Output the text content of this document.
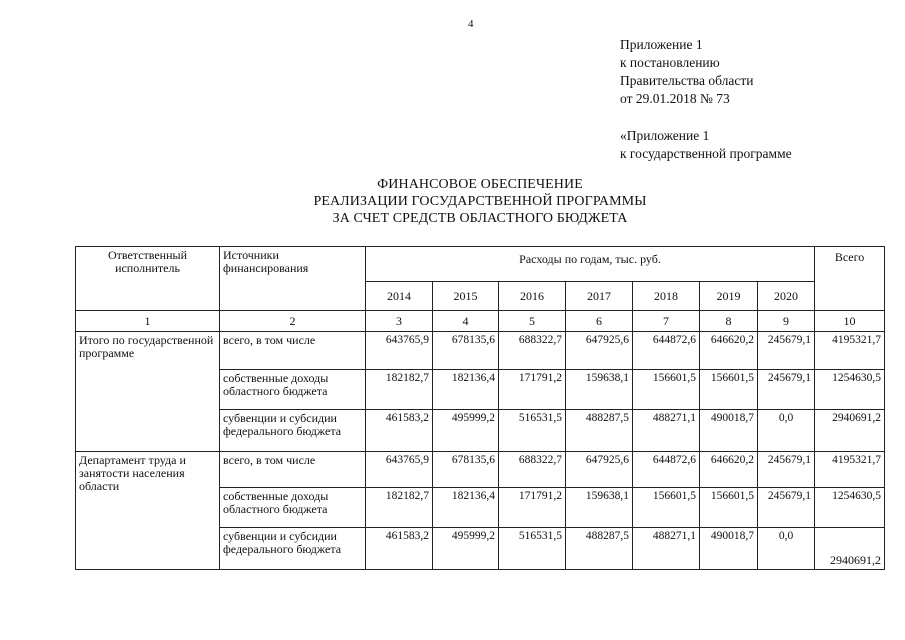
4
Приложение 1
к постановлению
Правительства области
от 29.01.2018 № 73
«Приложение 1
к государственной программе
ФИНАНСОВОЕ ОБЕСПЕЧЕНИЕ
РЕАЛИЗАЦИИ ГОСУДАРСТВЕННОЙ ПРОГРАММЫ
ЗА СЧЕТ СРЕДСТВ ОБЛАСТНОГО БЮДЖЕТА
Ответственный исполнитель	Источники финансирования	Расходы по годам, тыс. руб.							Всего
		2014	2015	2016	2017	2018	2019	2020	
1	2	3	4	5	6	7	8	9	10
Итого по государственной программе	всего, в том числе	643765,9	678135,6	688322,7	647925,6	644872,6	646620,2	245679,1	4195321,7
	собственные доходы областного бюджета	182182,7	182136,4	171791,2	159638,1	156601,5	156601,5	245679,1	1254630,5
	субвенции и субсидии федерального бюджета	461583,2	495999,2	516531,5	488287,5	488271,1	490018,7	0,0	2940691,2
Департамент труда и занятости населения области	всего, в том числе	643765,9	678135,6	688322,7	647925,6	644872,6	646620,2	245679,1	4195321,7
	собственные доходы областного бюджета	182182,7	182136,4	171791,2	159638,1	156601,5	156601,5	245679,1	1254630,5
	субвенции и субсидии федерального бюджета	461583,2	495999,2	516531,5	488287,5	488271,1	490018,7	0,0	2940691,2
